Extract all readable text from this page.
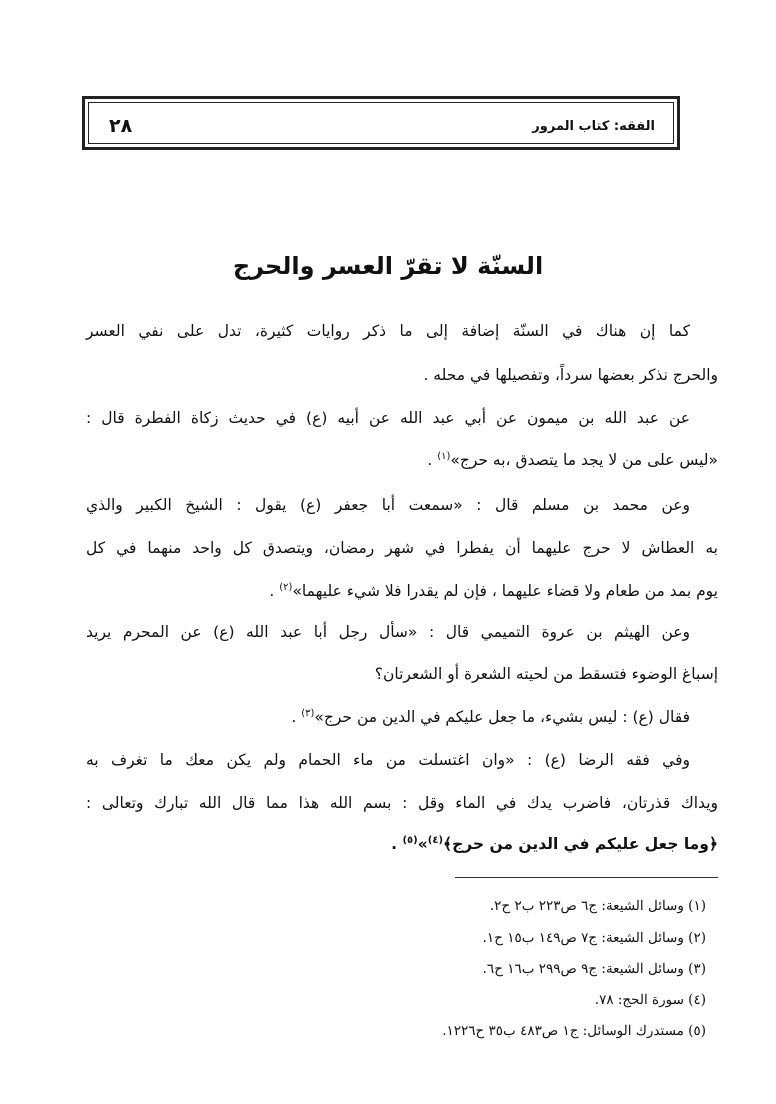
٢٨	الفقه: كتاب المرور
السنّة لا تقرّ العسر والحرج
كما إن هناك في السنّة إضافة إلى ما ذكر روايات كثيرة، تدل على نفي العسر
والحرج نذكر بعضها سرداً، وتفصيلها في محله .
عن عبد الله بن ميمون عن أبي عبد الله عن أبيه (ع) في حديث زكاة الفطرة قال :
«ليس على من لا يجد ما يتصدق ،به حرج»$^{(١)}$ .
وعن محمد بن مسلم قال : «سمعت أبا جعفر (ع) يقول : الشيخ الكبير والذي
به العطاش لا حرج عليهما أن يفطرا في شهر رمضان، ويتصدق كل واحد منهما في كل
يوم بمد من طعام ولا قضاء عليهما ، فإن لم يقدرا فلا شيء عليهما»$^{(٢)}$ .
وعن الهيثم بن عروة التميمي قال : «سأل رجل أبا عبد الله (ع) عن المحرم يريد
إسباغ الوضوء فتسقط من لحيته الشعرة أو الشعرتان؟
فقال (ع) : ليس بشيء، ما جعل عليكم في الدين من حرج»$^{(٣)}$ .
وفي فقه الرضا (ع) : «وان اغتسلت من ماء الحمام ولم يكن معك ما تغرف به
ويداك قذرتان، فاضرب يدك في الماء وقل : بسم الله هذا مما قال الله تبارك وتعالى :
﴿وما جعل عليكم في الدين من حرج﴾$^{(٤)}$»$^{(٥)}$ .
(١) وسائل الشيعة: ج٦ ص٢٢٣ ب٢ ح٢.
(٢) وسائل الشيعة: ج٧ ص١٤٩ ب١٥ ح١.
(٣) وسائل الشيعة: ج٩ ص٢٩٩ ب١٦ ح٦.
(٤) سورة الحج: ٧٨.
(٥) مستدرك الوسائل: ج١ ص٤٨٣ ب٣٥ ح١٢٢٦.
